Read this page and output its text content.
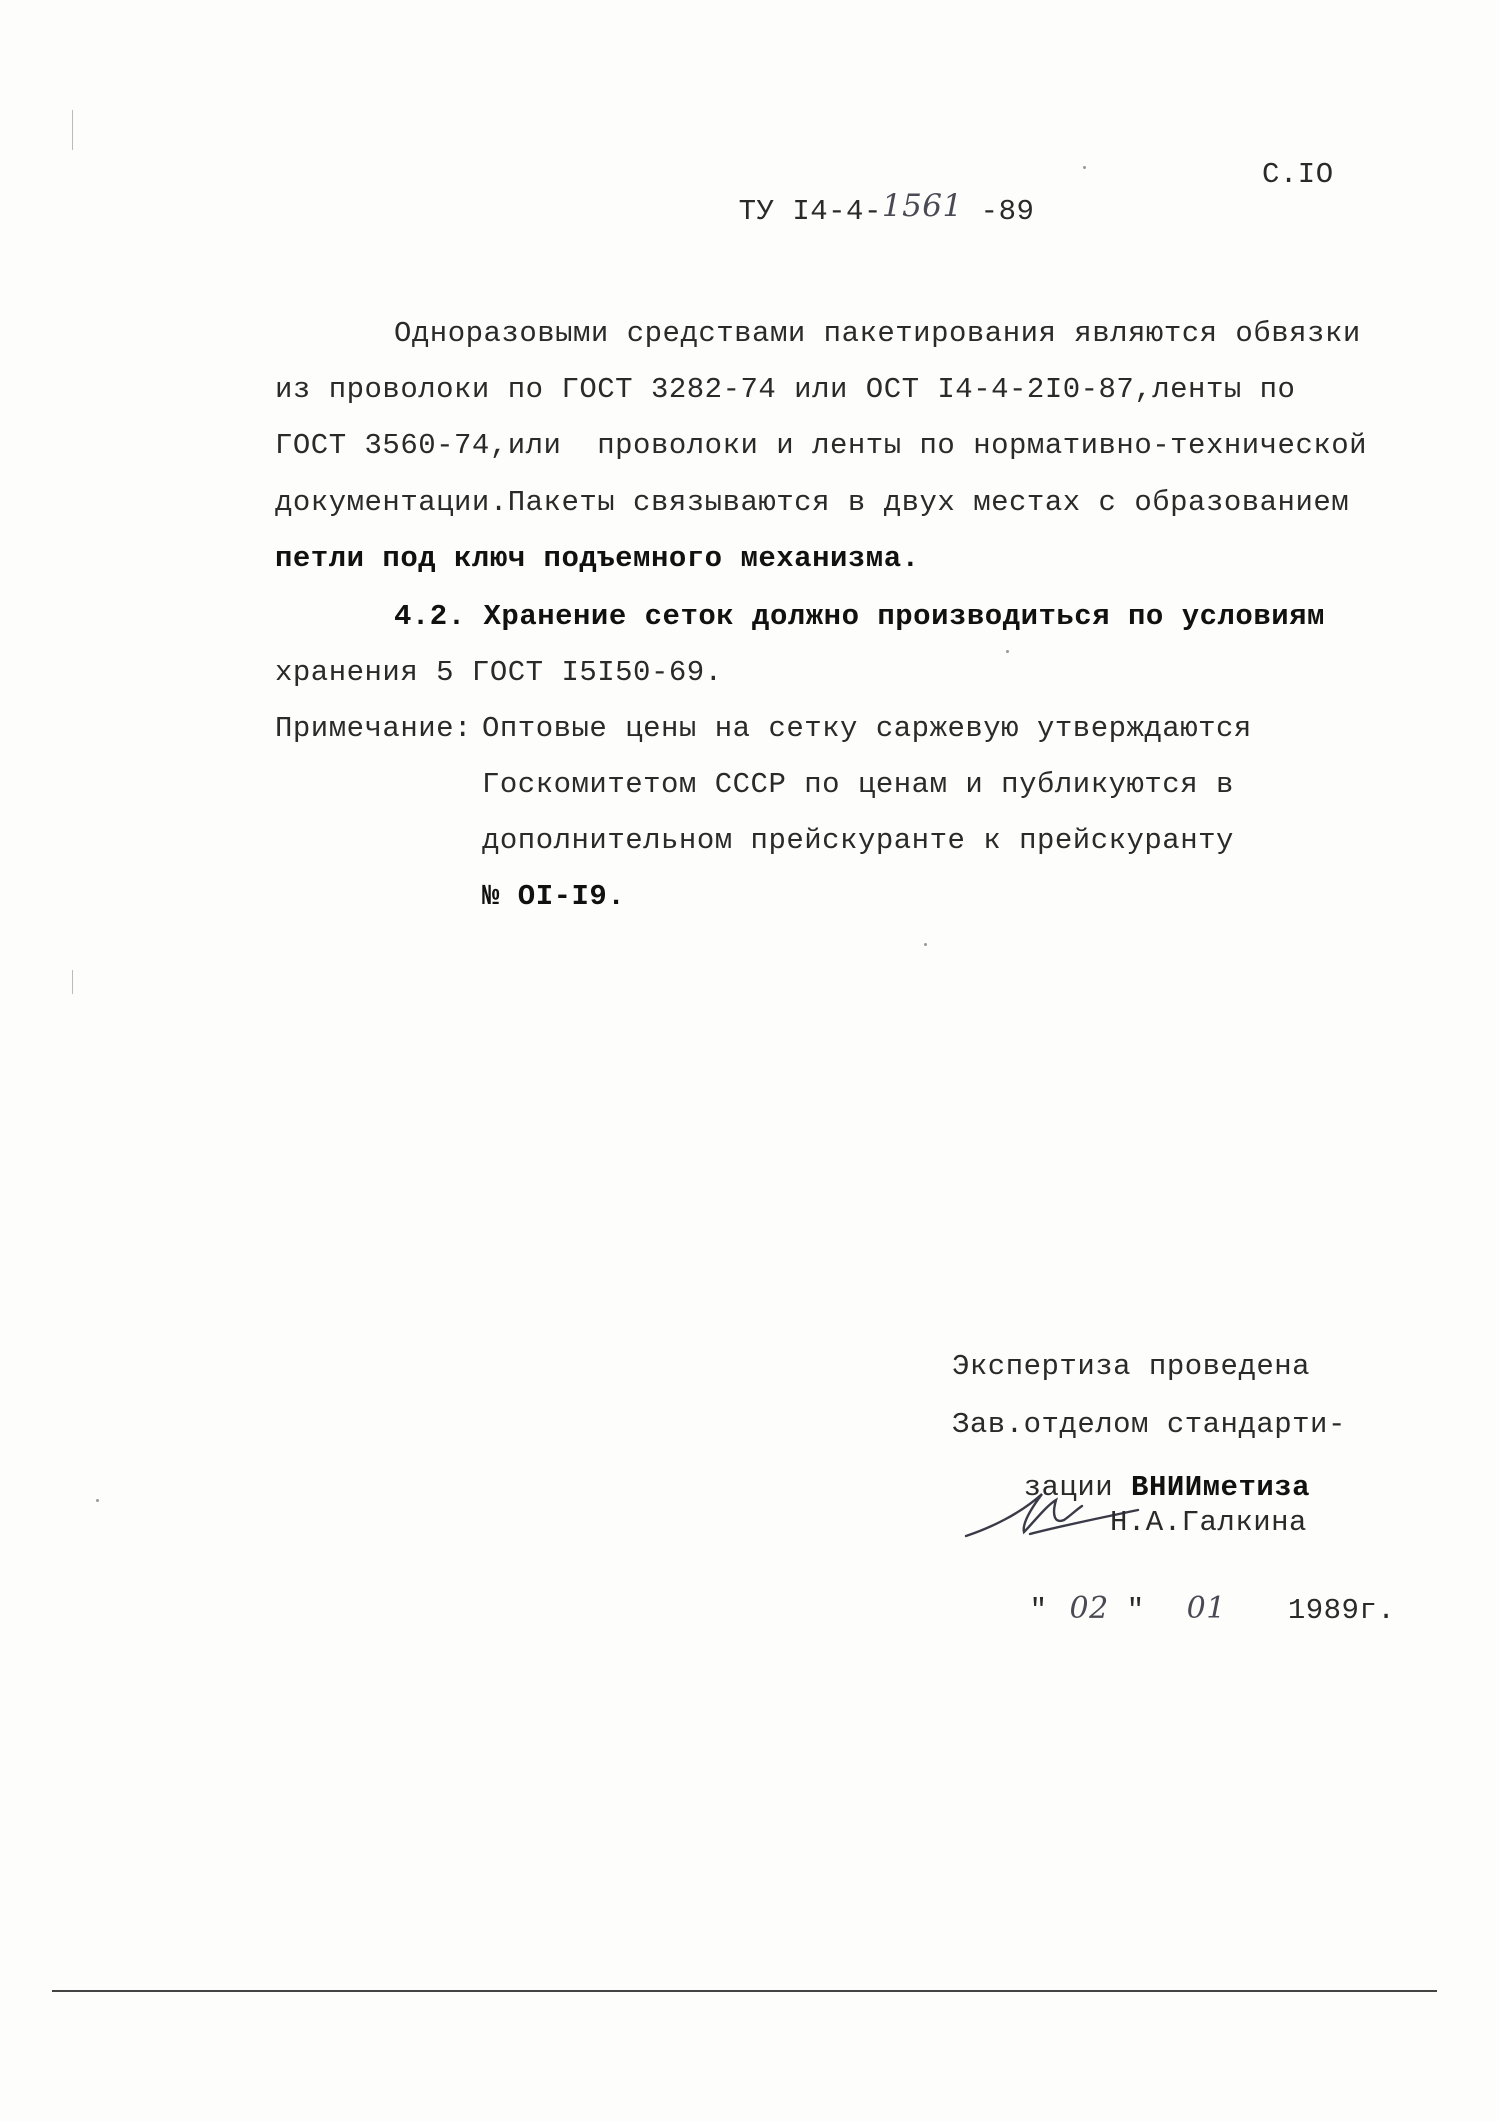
ТУ I4-4-1561 -89

С.IO
Одноразовыми средствами пакетирования являются обвязки
из проволоки по ГОСТ 3282-74 или ОСТ I4-4-2I0-87,ленты по
ГОСТ 3560-74,или  проволоки и ленты по нормативно-технической
документации.Пакеты связываются в двух местах с образованием
петли под ключ подъемного механизма.
4.2. Хранение сеток должно производиться по условиям
хранения 5 ГОСТ I5I50-69.
Примечание: Оптовые цены на сетку саржевую утверждаются
Госкомитетом СССР по ценам и публикуются в
дополнительном прейскуранте к прейскуранту
№ OI-I9.
Экспертиза проведена
Зав.отделом стандарти-

зации ВНИИметиза

Н.А.Галкина

" 02 " 01 1989г.
